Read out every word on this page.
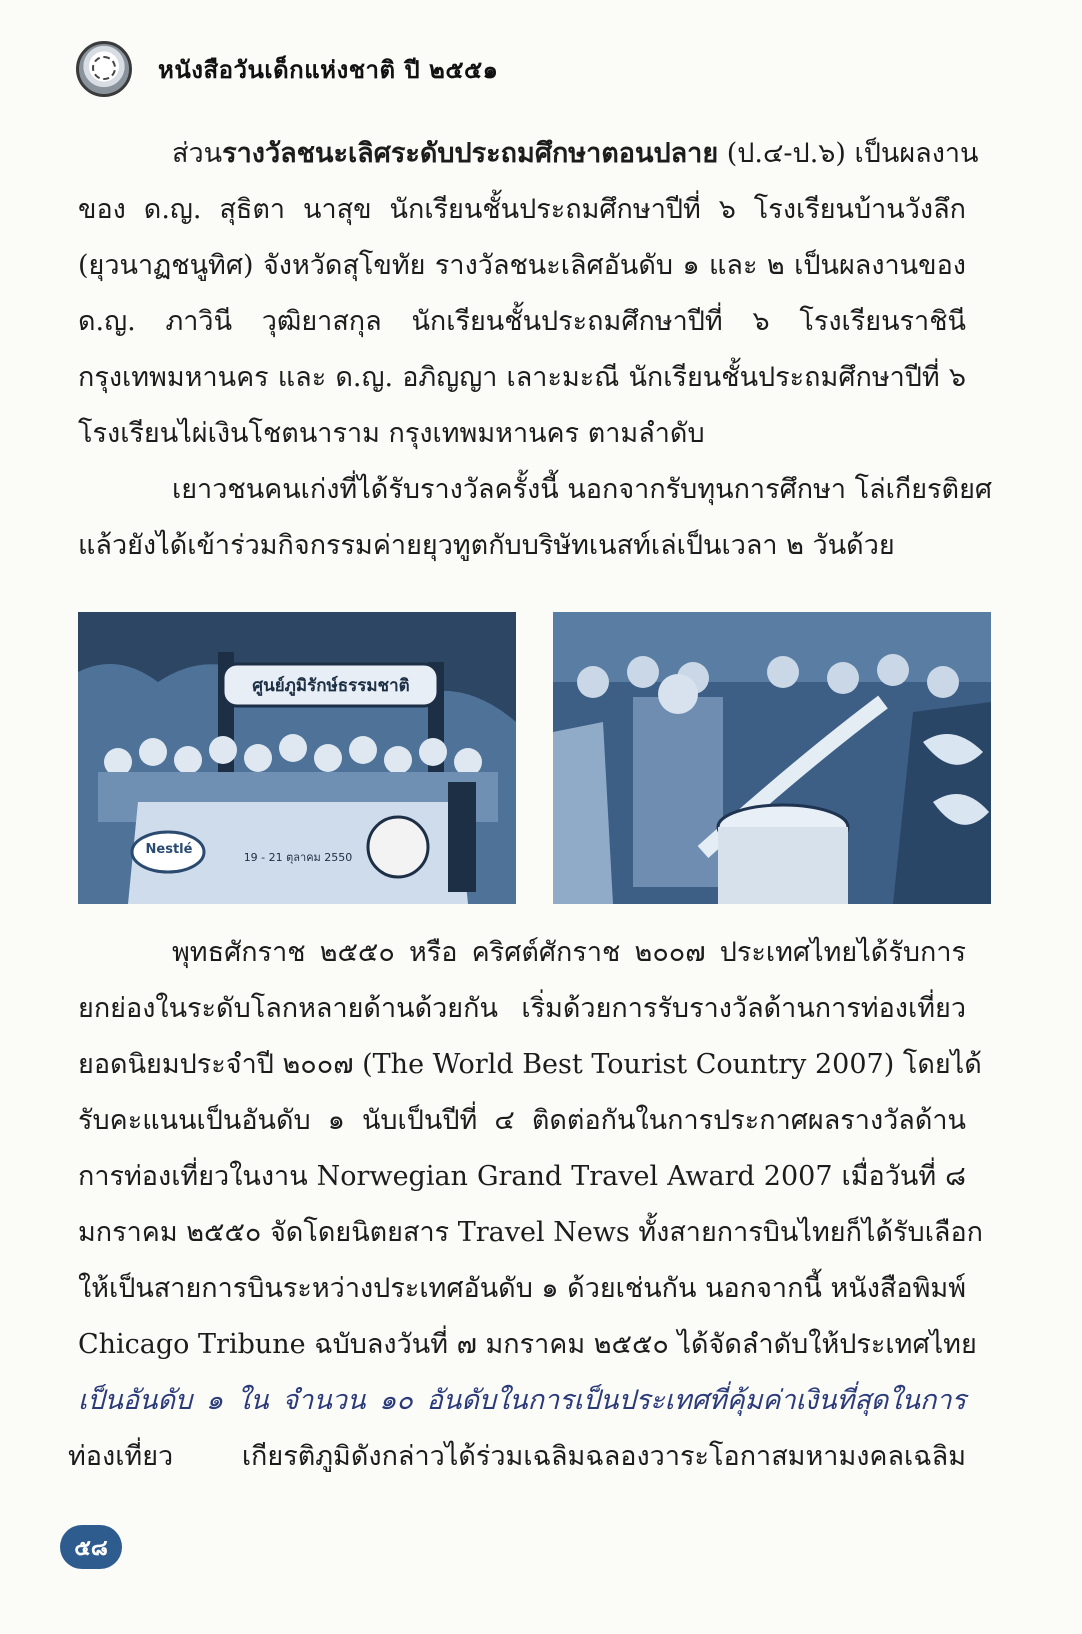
หนังสือวันเด็กแห่งชาติ ปี ๒๕๕๑
ส่วนรางวัลชนะเลิศระดับประถมศึกษาตอนปลาย (ป.๔-ป.๖) เป็นผลงาน
ของ ด.ญ. สุธิตา นาสุข นักเรียนชั้นประถมศึกษาปีที่ ๖ โรงเรียนบ้านวังลึก
(ยุวนาฏชนูทิศ) จังหวัดสุโขทัย รางวัลชนะเลิศอันดับ ๑ และ ๒ เป็นผลงานของ
ด.ญ. ภาวินี วุฒิยาสกุล นักเรียนชั้นประถมศึกษาปีที่ ๖ โรงเรียนราชินี
กรุงเทพมหานคร และ ด.ญ. อภิญญา เลาะมะณี นักเรียนชั้นประถมศึกษาปีที่ ๖
โรงเรียนไผ่เงินโชตนาราม กรุงเทพมหานคร ตามลำดับ
เยาวชนคนเก่งที่ได้รับรางวัลครั้งนี้ นอกจากรับทุนการศึกษา โล่เกียรติยศ
แล้วยังได้เข้าร่วมกิจกรรมค่ายยุวทูตกับบริษัทเนสท์เล่เป็นเวลา ๒ วันด้วย
ศูนย์ภูมิรักษ์ธรรมชาติ
Nestlé
19 - 21 ตุลาคม 2550
พุทธศักราช ๒๕๕๐ หรือ คริศต์ศักราช ๒๐๐๗ ประเทศไทยได้รับการ
ยกย่องในระดับโลกหลายด้านด้วยกัน เริ่มด้วยการรับรางวัลด้านการท่องเที่ยว
ยอดนิยมประจำปี ๒๐๐๗ (The World Best Tourist Country 2007) โดยได้
รับคะแนนเป็นอันดับ ๑ นับเป็นปีที่ ๔ ติดต่อกันในการประกาศผลรางวัลด้าน
การท่องเที่ยวในงาน Norwegian Grand Travel Award 2007 เมื่อวันที่ ๘
มกราคม ๒๕๕๐ จัดโดยนิตยสาร Travel News ทั้งสายการบินไทยก็ได้รับเลือก
ให้เป็นสายการบินระหว่างประเทศอันดับ ๑ ด้วยเช่นกัน นอกจากนี้ หนังสือพิมพ์
Chicago Tribune ฉบับลงวันที่ ๗ มกราคม ๒๕๕๐ ได้จัดลำดับให้ประเทศไทย
เป็นอันดับ ๑ ใน จำนวน ๑๐ อันดับในการเป็นประเทศที่คุ้มค่าเงินที่สุดในการ
ท่องเที่ยว เกียรติภูมิดังกล่าวได้ร่วมเฉลิมฉลองวาระโอกาสมหามงคลเฉลิม
๕๘
